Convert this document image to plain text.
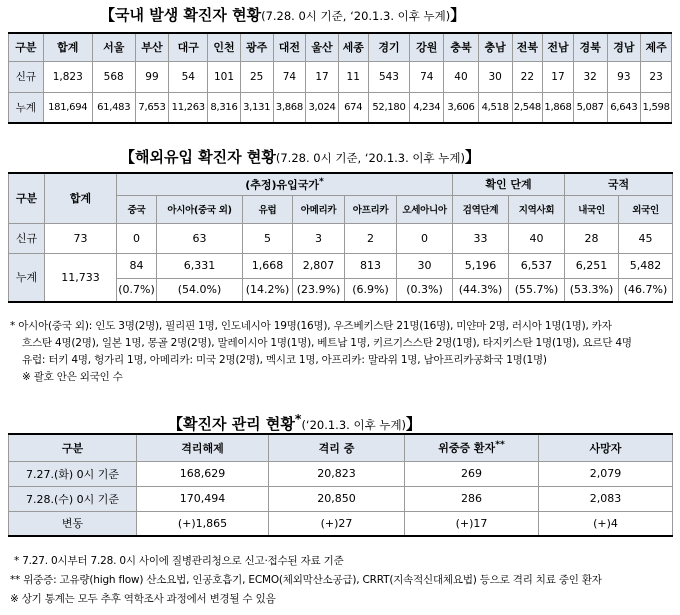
【국내 발생 확진자 현황(7.28. 0시 기준, ‘20.1.3. 이후 누계)】
구분	합계	서울	부산	대구	인천	광주	대전	울산	세종	경기	강원	충북	충남	전북	전남	경북	경남	제주
신규	1,823	568	99	54	101	25	74	17	11	543	74	40	30	22	17	32	93	23
누계	181,694	61,483	7,653	11,263	8,316	3,131	3,868	3,024	674	52,180	4,234	3,606	4,518	2,548	1,868	5,087	6,643	1,598
【해외유입 확진자 현황(7.28. 0시 기준, ‘20.1.3. 이후 누계)】
구분	합계	(추정)유입국가*						확인 단계		국적	
		중국	아시아(중국 외)	유럽	아메리카	아프리카	오세아니아	검역단계	지역사회	내국인	외국인
신규	73	0	63	5	3	2	0	33	40	28	45
누계	11,733	84	6,331	1,668	2,807	813	30	5,196	6,537	6,251	5,482
		(0.7%)	(54.0%)	(14.2%)	(23.9%)	(6.9%)	(0.3%)	(44.3%)	(55.7%)	(53.3%)	(46.7%)
* 아시아(중국 외): 인도 3명(2명), 필리핀 1명, 인도네시아 19명(16명), 우즈베키스탄 21명(16명), 미얀마 2명, 러시아 1명(1명), 카자
흐스탄 4명(2명), 일본 1명, 몽골 2명(2명), 말레이시아 1명(1명), 베트남 1명, 키르기스스탄 2명(1명), 타지키스탄 1명(1명), 요르단 4명
유럽: 터키 4명, 헝가리 1명, 아메리카: 미국 2명(2명), 멕시코 1명, 아프리카: 말라위 1명, 남아프리카공화국 1명(1명)
※ 괄호 안은 외국인 수
【확진자 관리 현황*(‘20.1.3. 이후 누계)】
구분	격리해제	격리 중	위중증 환자**	사망자
7.27.(화) 0시 기준	168,629	20,823	269	2,079
7.28.(수) 0시 기준	170,494	20,850	286	2,083
변동	(+)1,865	(+)27	(+)17	(+)4
* 7.27. 0시부터 7.28. 0시 사이에 질병관리청으로 신고·접수된 자료 기준
** 위중증: 고유량(high flow) 산소요법, 인공호흡기, ECMO(체외막산소공급), CRRT(지속적신대체요법) 등으로 격리 치료 중인 환자
※ 상기 통계는 모두 추후 역학조사 과정에서 변경될 수 있음
